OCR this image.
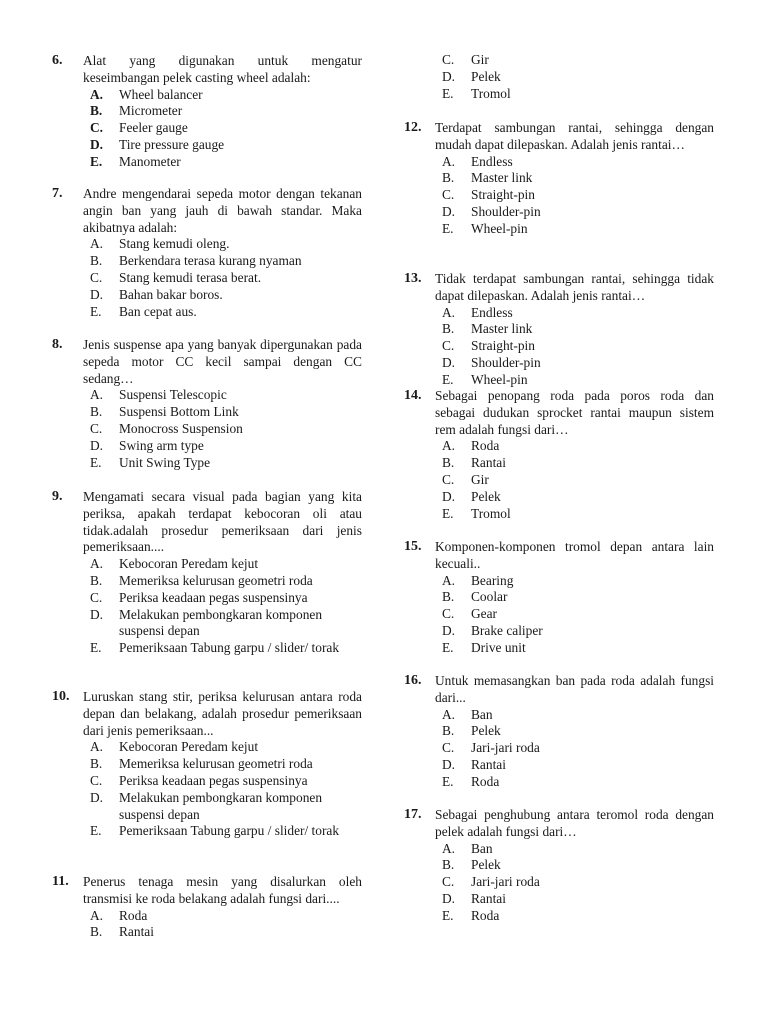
6.	Alat yang digunakan untuk mengatur keseimbangan pelek casting wheel adalah:
A. Wheel balancer
B. Micrometer
C. Feeler gauge
D. Tire pressure gauge
E. Manometer
7.	Andre mengendarai sepeda motor dengan tekanan angin ban yang jauh di bawah standar. Maka akibatnya adalah:
A. Stang kemudi oleng.
B. Berkendara terasa kurang nyaman
C. Stang kemudi terasa berat.
D. Bahan bakar boros.
E. Ban cepat aus.
8.	Jenis suspense apa yang banyak dipergunakan pada sepeda motor CC kecil sampai dengan CC sedang…
A. Suspensi Telescopic
B. Suspensi Bottom Link
C. Monocross Suspension
D. Swing arm type
E. Unit Swing Type
9.	Mengamati secara visual pada bagian yang kita periksa, apakah terdapat kebocoran oli atau tidak.adalah prosedur pemeriksaan dari jenis pemeriksaan....
A. Kebocoran Peredam kejut
B. Memeriksa kelurusan geometri roda
C. Periksa keadaan pegas suspensinya
D. Melakukan pembongkaran komponen suspensi depan
E. Pemeriksaan Tabung garpu / slider/ torak
10.	Luruskan stang stir, periksa kelurusan antara roda depan dan belakang, adalah prosedur pemeriksaan dari jenis pemeriksaan...
A. Kebocoran Peredam kejut
B. Memeriksa kelurusan geometri roda
C. Periksa keadaan pegas suspensinya
D. Melakukan pembongkaran komponen suspensi depan
E. Pemeriksaan Tabung garpu / slider/ torak
11.	Penerus tenaga mesin yang disalurkan oleh transmisi ke roda belakang adalah fungsi dari....
A. Roda
B. Rantai
C. Gir
D. Pelek
E. Tromol
12.	Terdapat sambungan rantai, sehingga dengan mudah dapat dilepaskan. Adalah jenis rantai…
A. Endless
B. Master link
C. Straight-pin
D. Shoulder-pin
E. Wheel-pin
13.	Tidak terdapat sambungan rantai, sehingga tidak dapat dilepaskan. Adalah jenis rantai…
A. Endless
B. Master link
C. Straight-pin
D. Shoulder-pin
E. Wheel-pin
14.	Sebagai penopang roda pada poros roda dan sebagai dudukan sprocket rantai maupun sistem rem adalah fungsi dari…
A. Roda
B. Rantai
C. Gir
D. Pelek
E. Tromol
15.	Komponen-komponen tromol depan antara lain kecuali..
A. Bearing
B. Coolar
C. Gear
D. Brake caliper
E. Drive unit
16.	Untuk memasangkan ban pada roda adalah fungsi dari...
A. Ban
B. Pelek
C. Jari-jari roda
D. Rantai
E. Roda
17.	Sebagai penghubung antara teromol roda dengan pelek adalah fungsi dari…
A. Ban
B. Pelek
C. Jari-jari roda
D. Rantai
E. Roda
